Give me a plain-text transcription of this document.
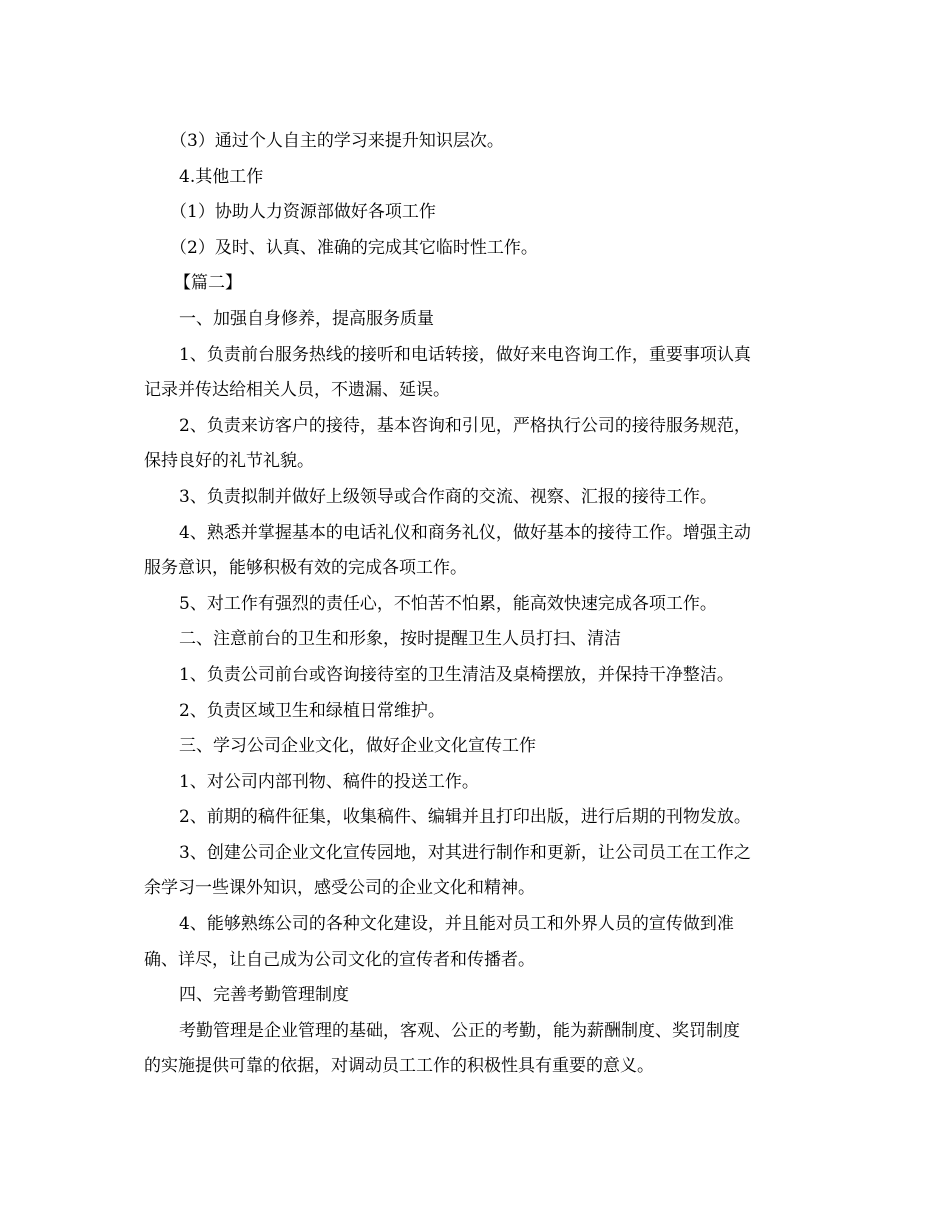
（3）通过个人自主的学习来提升知识层次。
4.其他工作
（1）协助人力资源部做好各项工作
（2）及时、认真、准确的完成其它临时性工作。
【篇二】
一、加强自身修养，提高服务质量
1、负责前台服务热线的接听和电话转接，做好来电咨询工作，重要事项认真
记录并传达给相关人员，不遗漏、延误。
2、负责来访客户的接待，基本咨询和引见，严格执行公司的接待服务规范，
保持良好的礼节礼貌。
3、负责拟制并做好上级领导或合作商的交流、视察、汇报的接待工作。
4、熟悉并掌握基本的电话礼仪和商务礼仪，做好基本的接待工作。增强主动
服务意识，能够积极有效的完成各项工作。
5、对工作有强烈的责任心，不怕苦不怕累，能高效快速完成各项工作。
二、注意前台的卫生和形象，按时提醒卫生人员打扫、清洁
1、负责公司前台或咨询接待室的卫生清洁及桌椅摆放，并保持干净整洁。
2、负责区域卫生和绿植日常维护。
三、学习公司企业文化，做好企业文化宣传工作
1、对公司内部刊物、稿件的投送工作。
2、前期的稿件征集，收集稿件、编辑并且打印出版，进行后期的刊物发放。
3、创建公司企业文化宣传园地，对其进行制作和更新，让公司员工在工作之
余学习一些课外知识，感受公司的企业文化和精神。
4、能够熟练公司的各种文化建设，并且能对员工和外界人员的宣传做到准
确、详尽，让自己成为公司文化的宣传者和传播者。
四、完善考勤管理制度
考勤管理是企业管理的基础，客观、公正的考勤，能为薪酬制度、奖罚制度
的实施提供可靠的依据，对调动员工工作的积极性具有重要的意义。
